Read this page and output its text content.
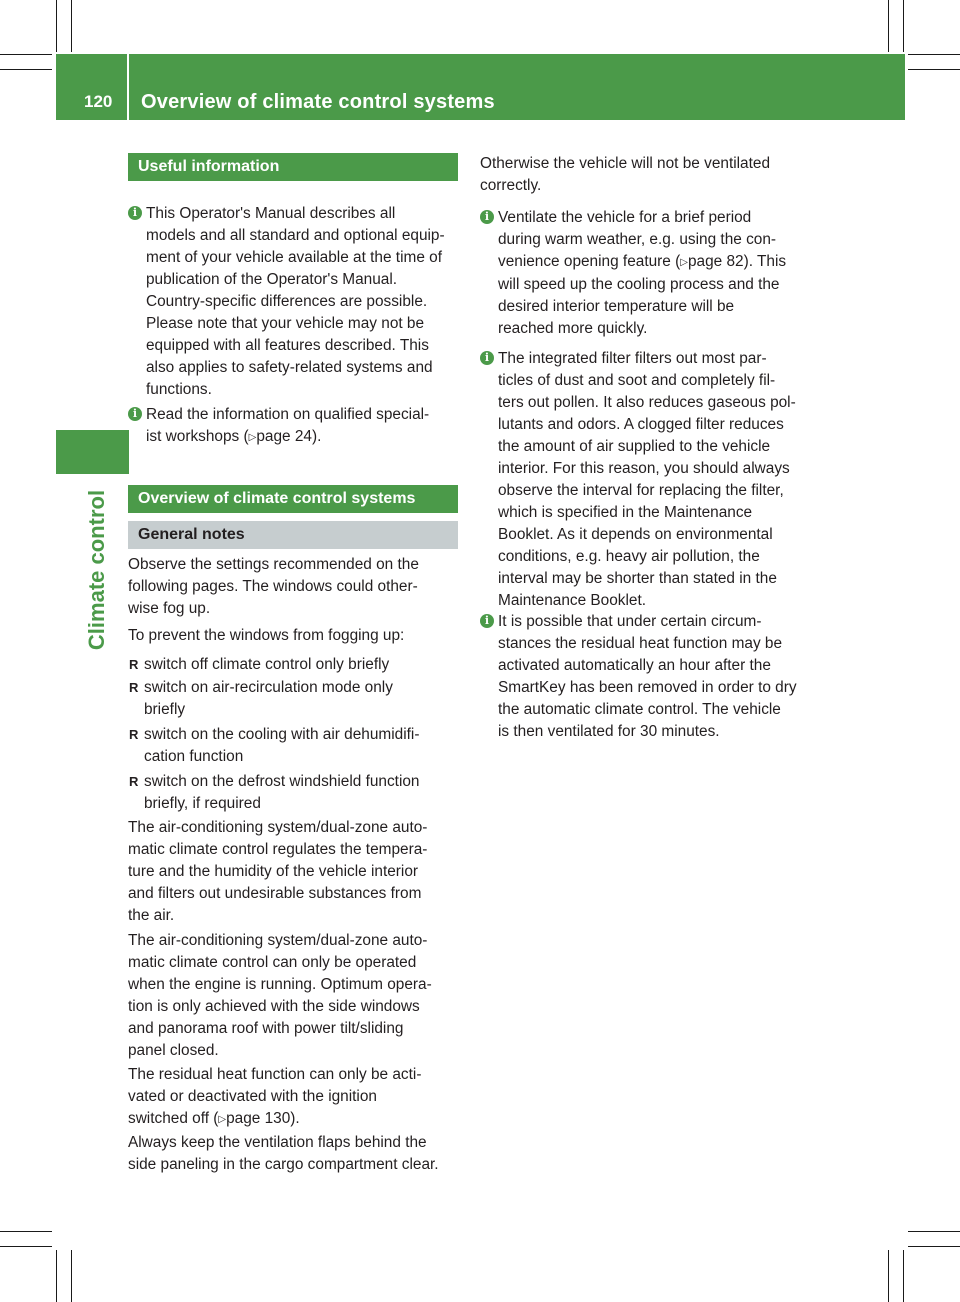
120	Overview of climate control systems
Climate control
Useful information
i This Operator's Manual describes all

models and all standard and optional equip-

ment of your vehicle available at the time of

publication of the Operator's Manual.

Country-specific differences are possible.

Please note that your vehicle may not be

equipped with all features described. This

also applies to safety-related systems and

functions.

i Read the information on qualified special-

ist workshops (▷page 24).

Overview of climate control systems
General notes

Observe the settings recommended on the

following pages. The windows could other-

wise fog up.

To prevent the windows from fogging up:

R switch off climate control only briefly

R switch on air-recirculation mode only

briefly

R switch on the cooling with air dehumidifi-

cation function

R switch on the defrost windshield function

briefly, if required

The air-conditioning system/dual-zone auto-

matic climate control regulates the tempera-

ture and the humidity of the vehicle interior

and filters out undesirable substances from

the air.

The air-conditioning system/dual-zone auto-

matic climate control can only be operated

when the engine is running. Optimum opera-

tion is only achieved with the side windows

and panorama roof with power tilt/sliding

panel closed.

The residual heat function can only be acti-

vated or deactivated with the ignition

switched off (▷page 130).

Always keep the ventilation flaps behind the

side paneling in the cargo compartment clear.

Otherwise the vehicle will not be ventilated

correctly.

i Ventilate the vehicle for a brief period

during warm weather, e.g. using the con-

venience opening feature (▷page 82). This

will speed up the cooling process and the

desired interior temperature will be

reached more quickly.

i The integrated filter filters out most par-

ticles of dust and soot and completely fil-

ters out pollen. It also reduces gaseous pol-

lutants and odors. A clogged filter reduces

the amount of air supplied to the vehicle

interior. For this reason, you should always

observe the interval for replacing the filter,

which is specified in the Maintenance

Booklet. As it depends on environmental

conditions, e.g. heavy air pollution, the

interval may be shorter than stated in the

Maintenance Booklet.

i It is possible that under certain circum-

stances the residual heat function may be

activated automatically an hour after the

SmartKey has been removed in order to dry

the automatic climate control. The vehicle

is then ventilated for 30 minutes.
